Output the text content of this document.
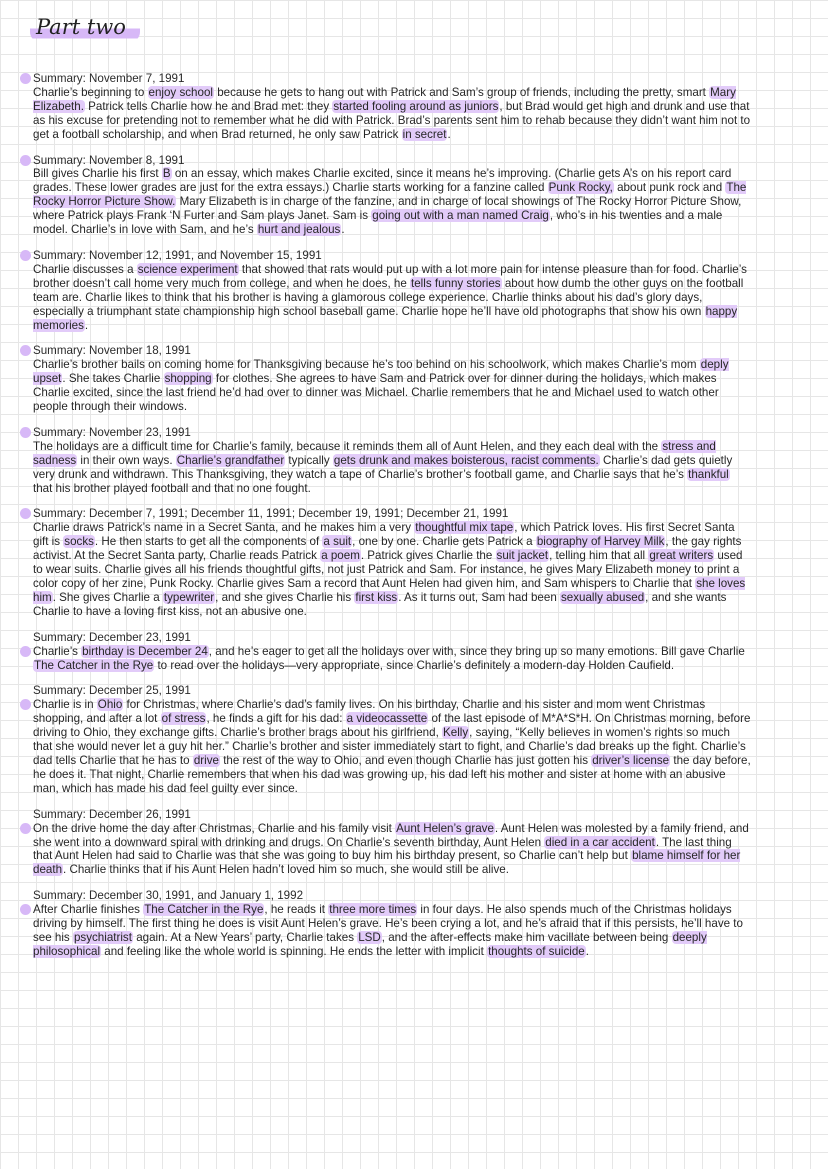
Part two

Summary: November 7, 1991

Charlie’s beginning to enjoy school because he gets to hang out with Patrick and Sam’s group of friends, including the pretty, smart Mary Elizabeth. Patrick tells Charlie how he and Brad met: they started fooling around as juniors, but Brad would get high and drunk and use that as his excuse for pretending not to remember what he did with Patrick. Brad’s parents sent him to rehab because they didn’t want him not to get a football scholarship, and when Brad returned, he only saw Patrick in secret.

Summary: November 8, 1991

Bill gives Charlie his first B on an essay, which makes Charlie excited, since it means he’s improving. (Charlie gets A’s on his report card grades. These lower grades are just for the extra essays.) Charlie starts working for a fanzine called Punk Rocky, about punk rock and The Rocky Horror Picture Show. Mary Elizabeth is in charge of the fanzine, and in charge of local showings of The Rocky Horror Picture Show, where Patrick plays Frank ‘N Furter and Sam plays Janet. Sam is going out with a man named Craig, who’s in his twenties and a male model. Charlie’s in love with Sam, and he’s hurt and jealous.

Summary: November 12, 1991, and November 15, 1991

Charlie discusses a science experiment that showed that rats would put up with a lot more pain for intense pleasure than for food. Charlie’s brother doesn’t call home very much from college, and when he does, he tells funny stories about how dumb the other guys on the football team are. Charlie likes to think that his brother is having a glamorous college experience. Charlie thinks about his dad’s glory days, especially a triumphant state championship high school baseball game. Charlie hope he’ll have old photographs that show his own happy memories.

Summary: November 18, 1991

Charlie’s brother bails on coming home for Thanksgiving because he’s too behind on his schoolwork, which makes Charlie’s mom deply upset. She takes Charlie shopping for clothes. She agrees to have Sam and Patrick over for dinner during the holidays, which makes Charlie excited, since the last friend he’d had over to dinner was Michael. Charlie remembers that he and Michael used to watch other people through their windows.

Summary: November 23, 1991

The holidays are a difficult time for Charlie’s family, because it reminds them all of Aunt Helen, and they each deal with the stress and sadness in their own ways. Charlie’s grandfather typically gets drunk and makes boisterous, racist comments. Charlie’s dad gets quietly very drunk and withdrawn. This Thanksgiving, they watch a tape of Charlie’s brother’s football game, and Charlie says that he’s thankful that his brother played football and that no one fought.

Summary: December 7, 1991; December 11, 1991; December 19, 1991; December 21, 1991

Charlie draws Patrick’s name in a Secret Santa, and he makes him a very thoughtful mix tape, which Patrick loves. His first Secret Santa gift is socks. He then starts to get all the components of a suit, one by one. Charlie gets Patrick a biography of Harvey Milk, the gay rights activist. At the Secret Santa party, Charlie reads Patrick a poem. Patrick gives Charlie the suit jacket, telling him that all great writers used to wear suits. Charlie gives all his friends thoughtful gifts, not just Patrick and Sam. For instance, he gives Mary Elizabeth money to print a color copy of her zine, Punk Rocky. Charlie gives Sam a record that Aunt Helen had given him, and Sam whispers to Charlie that she loves him. She gives Charlie a typewriter, and she gives Charlie his first kiss. As it turns out, Sam had been sexually abused, and she wants Charlie to have a loving first kiss, not an abusive one.

Summary: December 23, 1991

Charlie’s birthday is December 24, and he’s eager to get all the holidays over with, since they bring up so many emotions. Bill gave Charlie The Catcher in the Rye to read over the holidays—very appropriate, since Charlie’s definitely a modern-day Holden Caufield.

Summary: December 25, 1991

Charlie is in Ohio for Christmas, where Charlie’s dad’s family lives. On his birthday, Charlie and his sister and mom went Christmas shopping, and after a lot of stress, he finds a gift for his dad: a videocassette of the last episode of M*A*S*H. On Christmas morning, before driving to Ohio, they exchange gifts. Charlie’s brother brags about his girlfriend, Kelly, saying, “Kelly believes in women’s rights so much that she would never let a guy hit her.” Charlie’s brother and sister immediately start to fight, and Charlie’s dad breaks up the fight. Charlie’s dad tells Charlie that he has to drive the rest of the way to Ohio, and even though Charlie has just gotten his driver’s license the day before, he does it. That night, Charlie remembers that when his dad was growing up, his dad left his mother and sister at home with an abusive man, which has made his dad feel guilty ever since.

Summary: December 26, 1991

On the drive home the day after Christmas, Charlie and his family visit Aunt Helen’s grave. Aunt Helen was molested by a family friend, and she went into a downward spiral with drinking and drugs. On Charlie’s seventh birthday, Aunt Helen died in a car accident. The last thing that Aunt Helen had said to Charlie was that she was going to buy him his birthday present, so Charlie can’t help but blame himself for her death. Charlie thinks that if his Aunt Helen hadn’t loved him so much, she would still be alive.

Summary: December 30, 1991, and January 1, 1992

After Charlie finishes The Catcher in the Rye, he reads it three more times in four days. He also spends much of the Christmas holidays driving by himself. The first thing he does is visit Aunt Helen’s grave. He’s been crying a lot, and he’s afraid that if this persists, he’ll have to see his psychiatrist again. At a New Years’ party, Charlie takes LSD, and the after-effects make him vacillate between being deeply philosophical and feeling like the whole world is spinning. He ends the letter with implicit thoughts of suicide.
